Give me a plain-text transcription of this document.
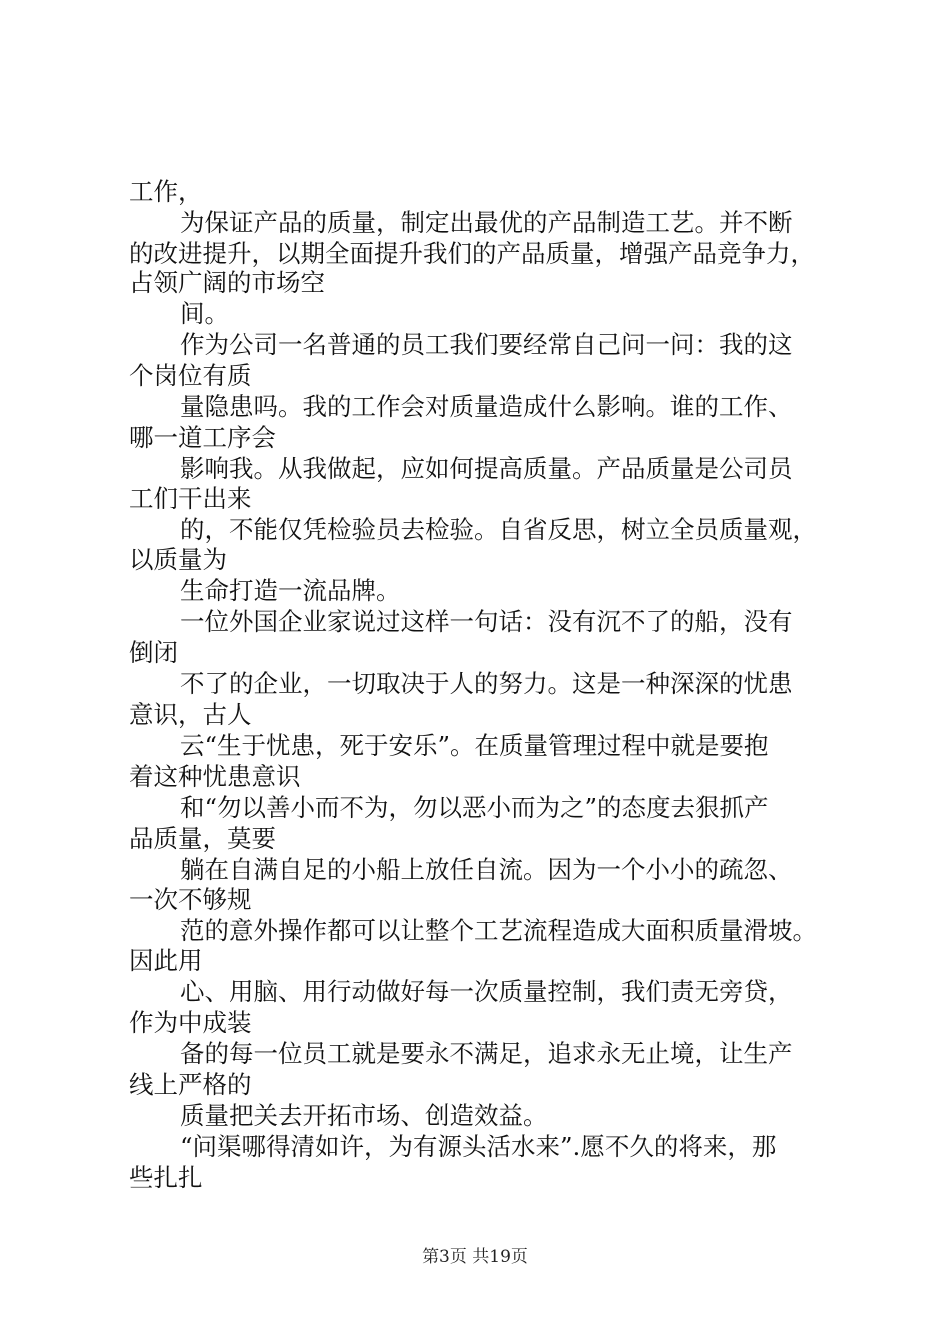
工作，
为保证产品的质量，制定出最优的产品制造工艺。并不断
的改进提升，以期全面提升我们的产品质量，增强产品竞争力，
占领广阔的市场空
间。
作为公司一名普通的员工我们要经常自己问一问：我的这
个岗位有质
量隐患吗。我的工作会对质量造成什么影响。谁的工作、
哪一道工序会
影响我。从我做起，应如何提高质量。产品质量是公司员
工们干出来
的，不能仅凭检验员去检验。自省反思，树立全员质量观，
以质量为
生命打造一流品牌。
一位外国企业家说过这样一句话：没有沉不了的船，没有
倒闭
不了的企业，一切取决于人的努力。这是一种深深的忧患
意识，古人
云“生于忧患，死于安乐”。在质量管理过程中就是要抱
着这种忧患意识
和“勿以善小而不为，勿以恶小而为之”的态度去狠抓产
品质量，莫要
躺在自满自足的小船上放任自流。因为一个小小的疏忽、
一次不够规
范的意外操作都可以让整个工艺流程造成大面积质量滑坡。
因此用
心、用脑、用行动做好每一次质量控制，我们责无旁贷，
作为中成装
备的每一位员工就是要永不满足，追求永无止境，让生产
线上严格的
质量把关去开拓市场、创造效益。
“问渠哪得清如许，为有源头活水来”.愿不久的将来，那
些扎扎
第3页 共19页
